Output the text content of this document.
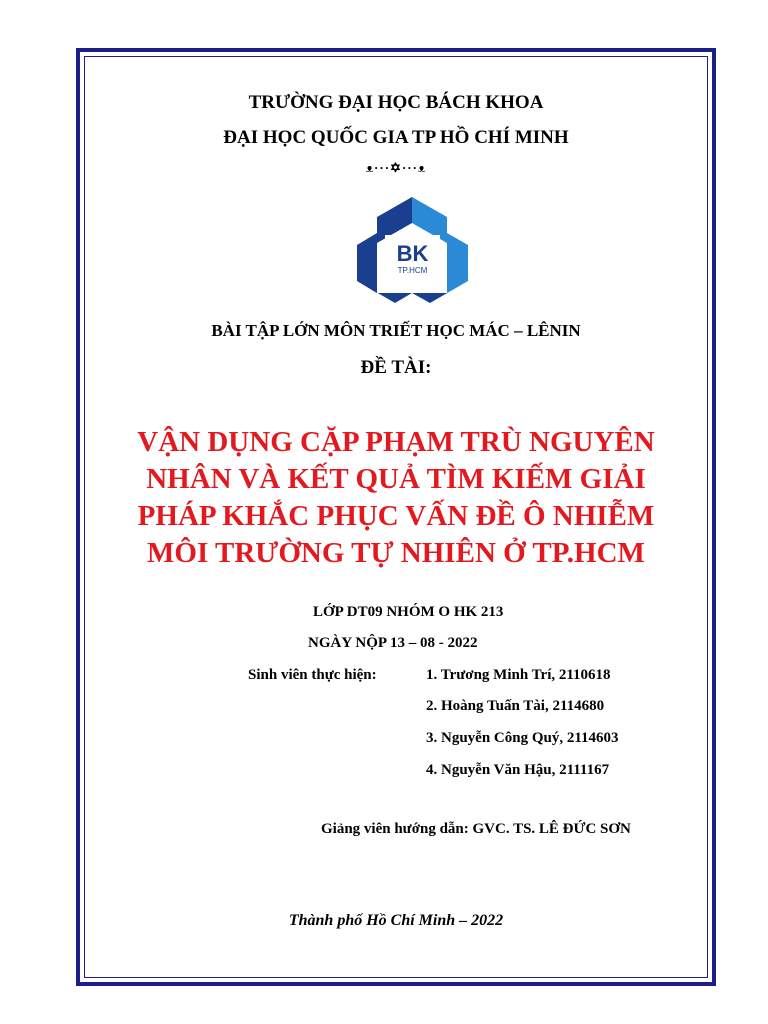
TRƯỜNG ĐẠI HỌC BÁCH KHOA
ĐẠI HỌC QUỐC GIA TP HỒ CHÍ MINH
ᴥ···✡···ᴥ
BK
TP.HCM
BÀI TẬP LỚN MÔN TRIẾT HỌC MÁC – LÊNIN
ĐỀ TÀI:
VẬN DỤNG CẶP PHẠM TRÙ NGUYÊN
NHÂN VÀ KẾT QUẢ TÌM KIẾM GIẢI
PHÁP KHẮC PHỤC VẤN ĐỀ Ô NHIỄM
MÔI TRƯỜNG TỰ NHIÊN Ở TP.HCM
LỚP DT09 NHÓM O HK 213
NGÀY NỘP 13 – 08 - 2022
Sinh viên thực hiện:	1. Trương Minh Trí, 2110618
2. Hoàng Tuấn Tài, 2114680
3. Nguyễn Công Quý, 2114603
4. Nguyễn Văn Hậu, 2111167
Giảng viên hướng dẫn: GVC. TS. LÊ ĐỨC SƠN
Thành phố Hồ Chí Minh – 2022
